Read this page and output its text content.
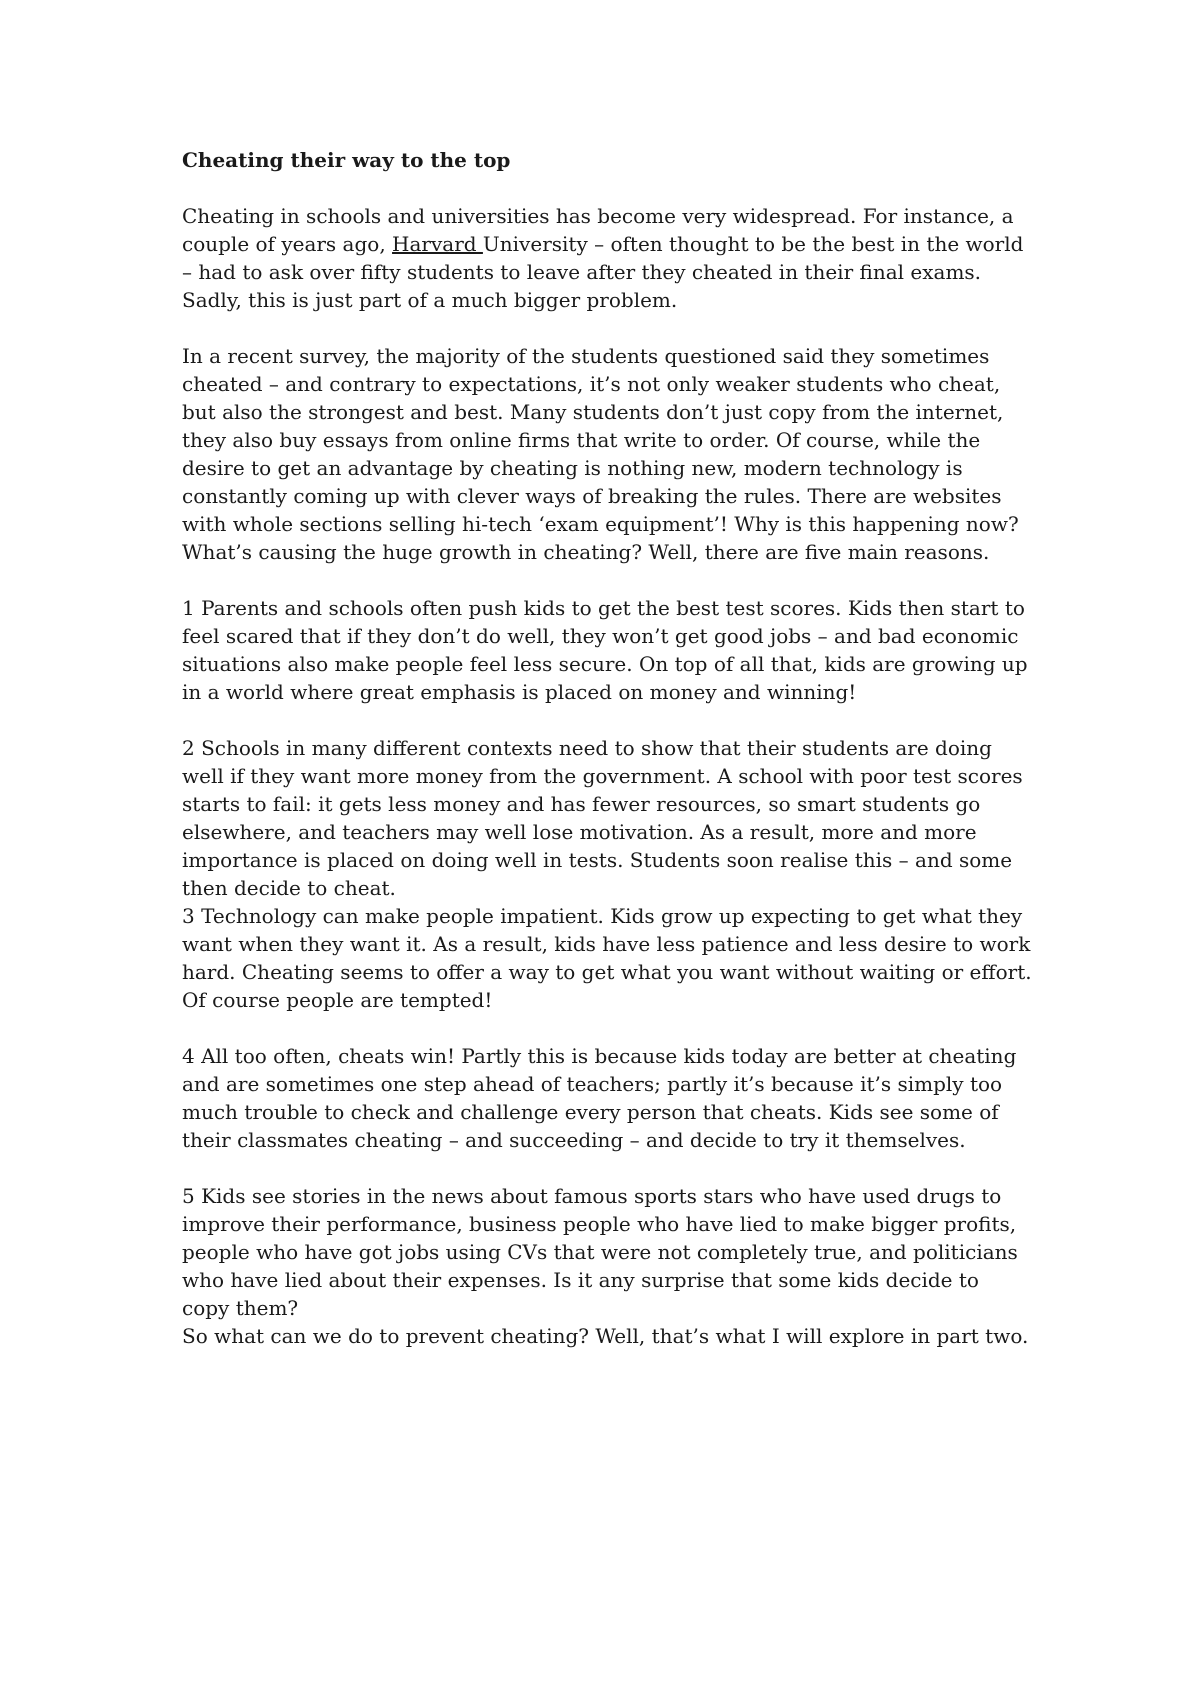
Cheating their way to the top

Cheating in schools and universities has become very widespread. For instance, a couple of years ago, Harvard University – often thought to be the best in the world – had to ask over fifty students to leave after they cheated in their final exams. Sadly, this is just part of a much bigger problem.

In a recent survey, the majority of the students questioned said they sometimes cheated – and contrary to expectations, it’s not only weaker students who cheat, but also the strongest and best. Many students don’t just copy from the internet, they also buy essays from online firms that write to order. Of course, while the desire to get an advantage by cheating is nothing new, modern technology is constantly coming up with clever ways of breaking the rules. There are websites with whole sections selling hi-tech ‘exam equipment’! Why is this happening now? What’s causing the huge growth in cheating? Well, there are five main reasons.

1 Parents and schools often push kids to get the best test scores. Kids then start to feel scared that if they don’t do well, they won’t get good jobs – and bad economic situations also make people feel less secure. On top of all that, kids are growing up in a world where great emphasis is placed on money and winning!

2 Schools in many different contexts need to show that their students are doing well if they want more money from the government. A school with poor test scores starts to fail: it gets less money and has fewer resources, so smart students go elsewhere, and teachers may well lose motivation. As a result, more and more importance is placed on doing well in tests. Students soon realise this – and some then decide to cheat.

3 Technology can make people impatient. Kids grow up expecting to get what they want when they want it. As a result, kids have less patience and less desire to work hard. Cheating seems to offer a way to get what you want without waiting or effort. Of course people are tempted!

4 All too often, cheats win! Partly this is because kids today are better at cheating and are sometimes one step ahead of teachers; partly it’s because it’s simply too much trouble to check and challenge every person that cheats. Kids see some of their classmates cheating – and succeeding – and decide to try it themselves.

5 Kids see stories in the news about famous sports stars who have used drugs to improve their performance, business people who have lied to make bigger profits, people who have got jobs using CVs that were not completely true, and politicians who have lied about their expenses. Is it any surprise that some kids decide to copy them?

So what can we do to prevent cheating? Well, that’s what I will explore in part two.
